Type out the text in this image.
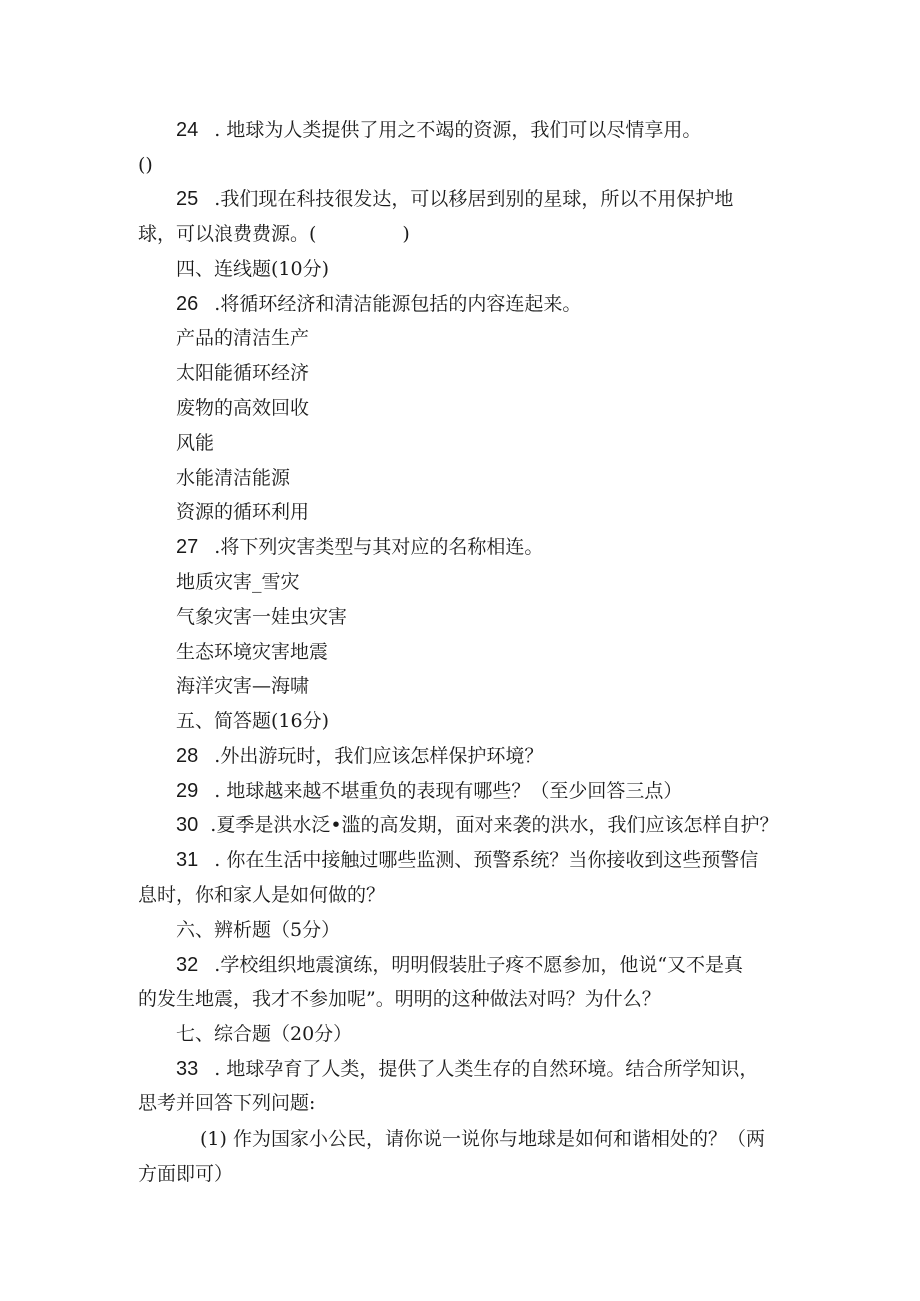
24 . 地球为人类提供了用之不竭的资源，我们可以尽情享用。
()
25 .我们现在科技很发达，可以移居到别的星球，所以不用保护地
球，可以浪费费源。(	)
四、连线题(10分)
26 .将循环经济和清洁能源包括的内容连起来。
产品的清洁生产
太阳能循环经济
废物的高效回收
风能
水能清洁能源
资源的循环利用
27 .将下列灾害类型与其对应的名称相连。
地质灾害_雪灾
气象灾害一娃虫灾害
生态环境灾害地震
海洋灾害—海啸
五、简答题(16分)
28 .外出游玩时，我们应该怎样保护环境？
29 . 地球越来越不堪重负的表现有哪些？（至少回答三点）
30 .夏季是洪水泛•滥的高发期，面对来袭的洪水，我们应该怎样自护？
31 . 你在生活中接触过哪些监测、预警系统？当你接收到这些预警信
息时，你和家人是如何做的？
六、辨析题（5分）
32 .学校组织地震演练，明明假装肚子疼不愿参加，他说“又不是真
的发生地震，我才不参加呢”。明明的这种做法对吗？为什么？
七、综合题（20分）
33 . 地球孕育了人类，提供了人类生存的自然环境。结合所学知识，
思考并回答下列问题:
(1) 作为国家小公民，请你说一说你与地球是如何和谐相处的？（两
方面即可）
